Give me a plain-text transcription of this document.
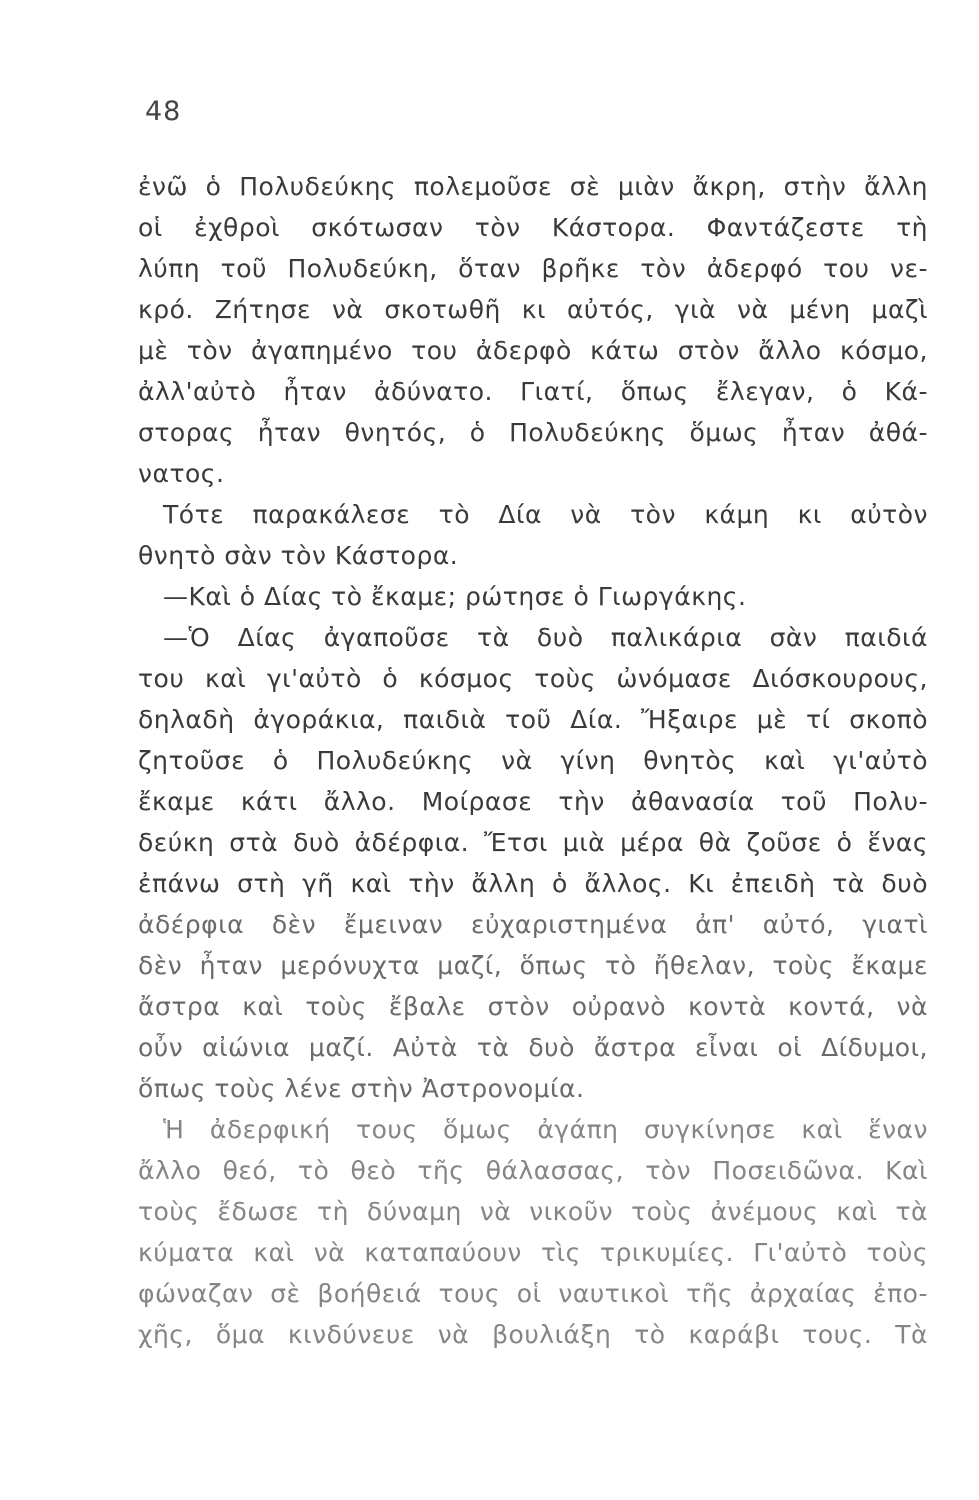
48
ἐνῶ ὁ Πολυδεύκης πολεμοῦσε σὲ μιὰν ἄκρη, στὴν ἄλλη
οἱ ἐχθροὶ σκότωσαν τὸν Κάστορα. Φαντάζεστε τὴ
λύπη τοῦ Πολυδεύκη, ὅταν βρῆκε τὸν ἀδερφό του νε-
κρό. Ζήτησε νὰ σκοτωθῆ κι αὐτός, γιὰ νὰ μένη μαζὶ
μὲ τὸν ἀγαπημένο του ἀδερφὸ κάτω στὸν ἄλλο κόσμο,
ἀλλ'αὐτὸ ἦταν ἀδύνατο. Γιατί, ὅπως ἔλεγαν, ὁ Κά-
στορας ἦταν θνητός, ὁ Πολυδεύκης ὅμως ἦταν ἀθά-
νατος.
Τότε παρακάλεσε τὸ Δία νὰ τὸν κάμη κι αὐτὸν
θνητὸ σὰν τὸν Κάστορα.
—Καὶ ὁ Δίας τὸ ἔκαμε; ρώτησε ὁ Γιωργάκης.
—Ὁ Δίας ἀγαποῦσε τὰ δυὸ παλικάρια σὰν παιδιά
του καὶ γι'αὐτὸ ὁ κόσμος τοὺς ὠνόμασε Διόσκουρους,
δηλαδὴ ἀγοράκια, παιδιὰ τοῦ Δία. Ἤξαιρε μὲ τί σκοπὸ
ζητοῦσε ὁ Πολυδεύκης νὰ γίνη θνητὸς καὶ γι'αὐτὸ
ἔκαμε κάτι ἄλλο. Μοίρασε τὴν ἀθανασία τοῦ Πολυ-
δεύκη στὰ δυὸ ἀδέρφια. Ἔτσι μιὰ μέρα θὰ ζοῦσε ὁ ἕνας
ἐπάνω στὴ γῆ καὶ τὴν ἄλλη ὁ ἄλλος. Κι ἐπειδὴ τὰ δυὸ
ἀδέρφια δὲν ἔμειναν εὐχαριστημένα ἀπ' αὐτό, γιατὶ
δὲν ἦταν μερόνυχτα μαζί, ὅπως τὸ ἤθελαν, τοὺς ἔκαμε
ἄστρα καὶ τοὺς ἔβαλε στὸν οὐρανὸ κοντὰ κοντά, νὰ
οὖν αἰώνια μαζί. Αὐτὰ τὰ δυὸ ἄστρα εἶναι οἱ Δίδυμοι,
ὅπως τοὺς λένε στὴν Ἀστρονομία.
Ἡ ἀδερφική τους ὅμως ἀγάπη συγκίνησε καὶ ἕναν
ἄλλο θεό, τὸ θεὸ τῆς θάλασσας, τὸν Ποσειδῶνα. Καὶ
τοὺς ἔδωσε τὴ δύναμη νὰ νικοῦν τοὺς ἀνέμους καὶ τὰ
κύματα καὶ νὰ καταπαύουν τὶς τρικυμίες. Γι'αὐτὸ τοὺς
φώναζαν σὲ βοήθειά τους οἱ ναυτικοὶ τῆς ἀρχαίας ἐπο-
χῆς, ὅμα κινδύνευε νὰ βουλιάξη τὸ καράβι τους. Τὰ
